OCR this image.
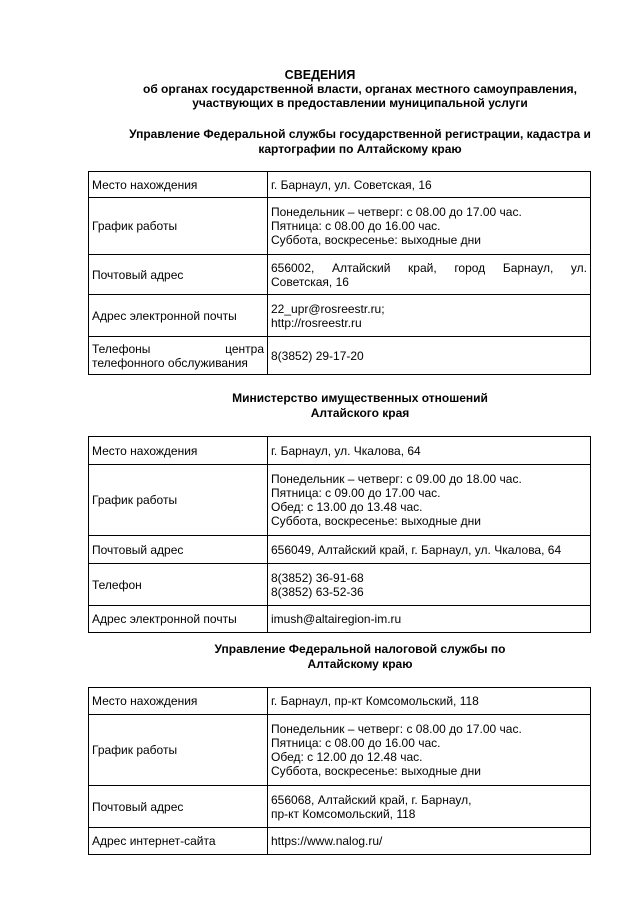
СВЕДЕНИЯ
об органах государственной власти, органах местного самоуправления,
участвующих в предоставлении муниципальной услуги
Управление Федеральной службы государственной регистрации, кадастра и
картографии по Алтайскому краю
Место нахождения	г. Барнаул, ул. Советская, 16
График работы	Понедельник – четверг: с 08.00 до 17.00 час.
Пятница: с 08.00 до 16.00 час.
Суббота, воскресенье: выходные дни

Почтовый адрес	656002, Алтайский край, город Барнаул, ул.
Советская, 16

Адрес электронной почты	22_upr@rosreestr.ru;
http://rosreestr.ru

Телефоны центра
телефонного обслуживания	8(3852) 29-17-20
Министерство имущественных отношений
Алтайского края
Место нахождения	г. Барнаул, ул. Чкалова, 64
График работы	Понедельник – четверг: с 09.00 до 18.00 час.
Пятница: с 09.00 до 17.00 час.
Обед: с 13.00 до 13.48 час.
Суббота, воскресенье: выходные дни

Почтовый адрес	656049, Алтайский край, г. Барнаул, ул. Чкалова, 64
Телефон	8(3852) 36-91-68
8(3852) 63-52-36

Адрес электронной почты	imush@altairegion-im.ru
Управление Федеральной налоговой службы по
Алтайскому краю
Место нахождения	г. Барнаул, пр-кт Комсомольский, 118
График работы	Понедельник – четверг: с 08.00 до 17.00 час.
Пятница: с 08.00 до 16.00 час.
Обед: с 12.00 до 12.48 час.
Суббота, воскресенье: выходные дни

Почтовый адрес	656068, Алтайский край, г. Барнаул,
пр-кт Комсомольский, 118

Адрес интернет-сайта	https://www.nalog.ru/
